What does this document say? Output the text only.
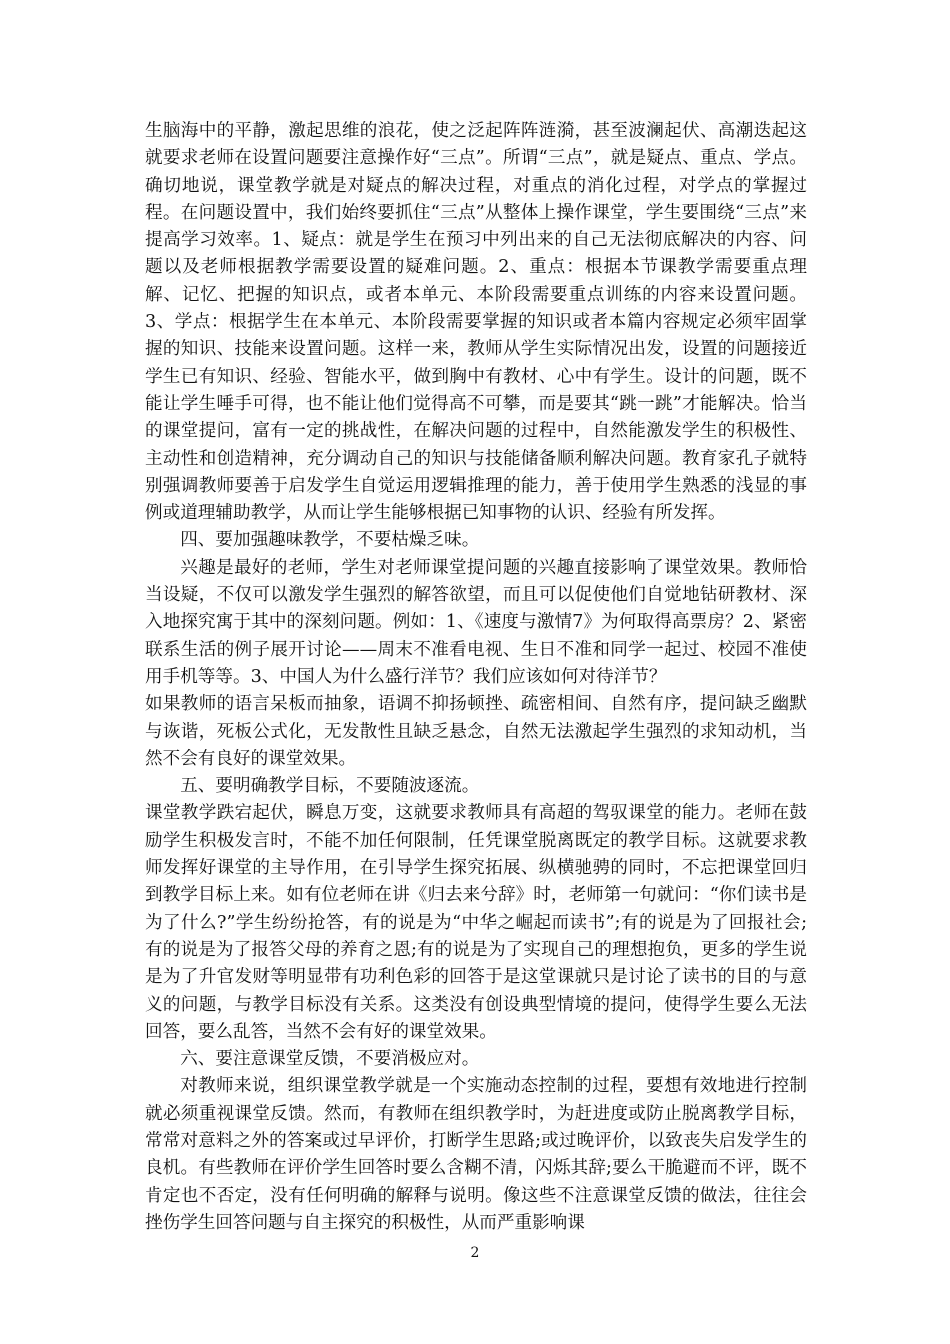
生脑海中的平静，激起思维的浪花，使之泛起阵阵涟漪，甚至波澜起伏、高潮迭起这就要求老师在设置问题要注意操作好“三点”。所谓“三点”，就是疑点、重点、学点。确切地说，课堂教学就是对疑点的解决过程，对重点的消化过程，对学点的掌握过程。在问题设置中，我们始终要抓住“三点”从整体上操作课堂，学生要围绕“三点”来提高学习效率。1、疑点：就是学生在预习中列出来的自己无法彻底解决的内容、问题以及老师根据教学需要设置的疑难问题。2、重点：根据本节课教学需要重点理解、记忆、把握的知识点，或者本单元、本阶段需要重点训练的内容来设置问题。3、学点：根据学生在本单元、本阶段需要掌握的知识或者本篇内容规定必须牢固掌握的知识、技能来设置问题。这样一来，教师从学生实际情况出发，设置的问题接近学生已有知识、经验、智能水平，做到胸中有教材、心中有学生。设计的问题，既不能让学生唾手可得，也不能让他们觉得高不可攀，而是要其“跳一跳”才能解决。恰当的课堂提问，富有一定的挑战性，在解决问题的过程中，自然能激发学生的积极性、主动性和创造精神，充分调动自己的知识与技能储备顺利解决问题。教育家孔子就特别强调教师要善于启发学生自觉运用逻辑推理的能力，善于使用学生熟悉的浅显的事例或道理辅助教学，从而让学生能够根据已知事物的认识、经验有所发挥。

四、要加强趣味教学，不要枯燥乏味。

兴趣是最好的老师，学生对老师课堂提问题的兴趣直接影响了课堂效果。教师恰当设疑，不仅可以激发学生强烈的解答欲望，而且可以促使他们自觉地钻研教材、深入地探究寓于其中的深刻问题。例如：1、《速度与激情7》为何取得高票房？2、紧密联系生活的例子展开讨论——周末不准看电视、生日不准和同学一起过、校园不准使用手机等等。3、中国人为什么盛行洋节？我们应该如何对待洋节？

如果教师的语言呆板而抽象，语调不抑扬顿挫、疏密相间、自然有序，提问缺乏幽默与诙谐，死板公式化，无发散性且缺乏悬念，自然无法激起学生强烈的求知动机，当然不会有良好的课堂效果。

五、要明确教学目标，不要随波逐流。

课堂教学跌宕起伏，瞬息万变，这就要求教师具有高超的驾驭课堂的能力。老师在鼓励学生积极发言时，不能不加任何限制，任凭课堂脱离既定的教学目标。这就要求教师发挥好课堂的主导作用，在引导学生探究拓展、纵横驰骋的同时，不忘把课堂回归到教学目标上来。如有位老师在讲《归去来兮辞》时，老师第一句就问：“你们读书是为了什么?”学生纷纷抢答，有的说是为“中华之崛起而读书”;有的说是为了回报社会;有的说是为了报答父母的养育之恩;有的说是为了实现自己的理想抱负，更多的学生说是为了升官发财等明显带有功利色彩的回答于是这堂课就只是讨论了读书的目的与意义的问题，与教学目标没有关系。这类没有创设典型情境的提问，使得学生要么无法回答，要么乱答，当然不会有好的课堂效果。

六、要注意课堂反馈，不要消极应对。

对教师来说，组织课堂教学就是一个实施动态控制的过程，要想有效地进行控制就必须重视课堂反馈。然而，有教师在组织教学时，为赶进度或防止脱离教学目标，常常对意料之外的答案或过早评价，打断学生思路;或过晚评价，以致丧失启发学生的良机。有些教师在评价学生回答时要么含糊不清，闪烁其辞;要么干脆避而不评，既不肯定也不否定，没有任何明确的解释与说明。像这些不注意课堂反馈的做法，往往会挫伤学生回答问题与自主探究的积极性，从而严重影响课

2
